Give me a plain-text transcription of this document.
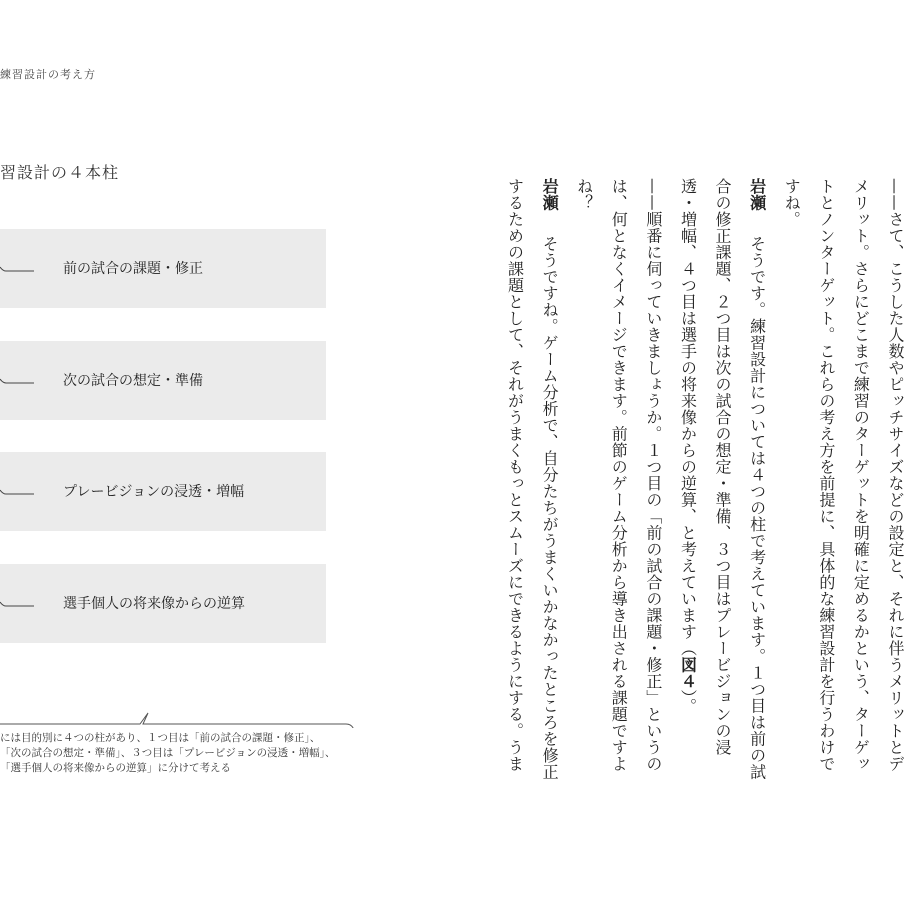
練習設計の考え方
習設計の４本柱
前の試合の課題・修正
次の試合の想定・準備
プレービジョンの浸透・増幅
選手個人の将来像からの逆算

には目的別に４つの柱があり、１つ目は「前の試合の課題・修正」、

「次の試合の想定・準備」、３つ目は「プレービジョンの浸透・増幅」、

「選手個人の将来像からの逆算」に分けて考える	——さて、こうした人数やピッチサイズなどの設定と、それに伴うメリットとデメリット。さらにどこまで練習のターゲットを明確に定めるかという、ターゲットとノンターゲット。これらの考え方を前提に、具体的な練習設計を行うわけですね。

岩瀬　そうです。練習設計については４つの柱で考えています。１つ目は前の試合の修正課題、２つ目は次の試合の想定・準備、３つ目はプレービジョンの浸透・増幅、４つ目は選手の将来像からの逆算、と考えています（図４）。

——順番に伺っていきましょうか。１つ目の「前の試合の課題・修正」というのは、何となくイメージできます。前節のゲーム分析から導き出される課題ですよね？

岩瀬　そうですね。ゲーム分析で、自分たちがうまくいかなかったところを修正するための課題として、それがうまくもっとスムーズにできるようにする。うま
